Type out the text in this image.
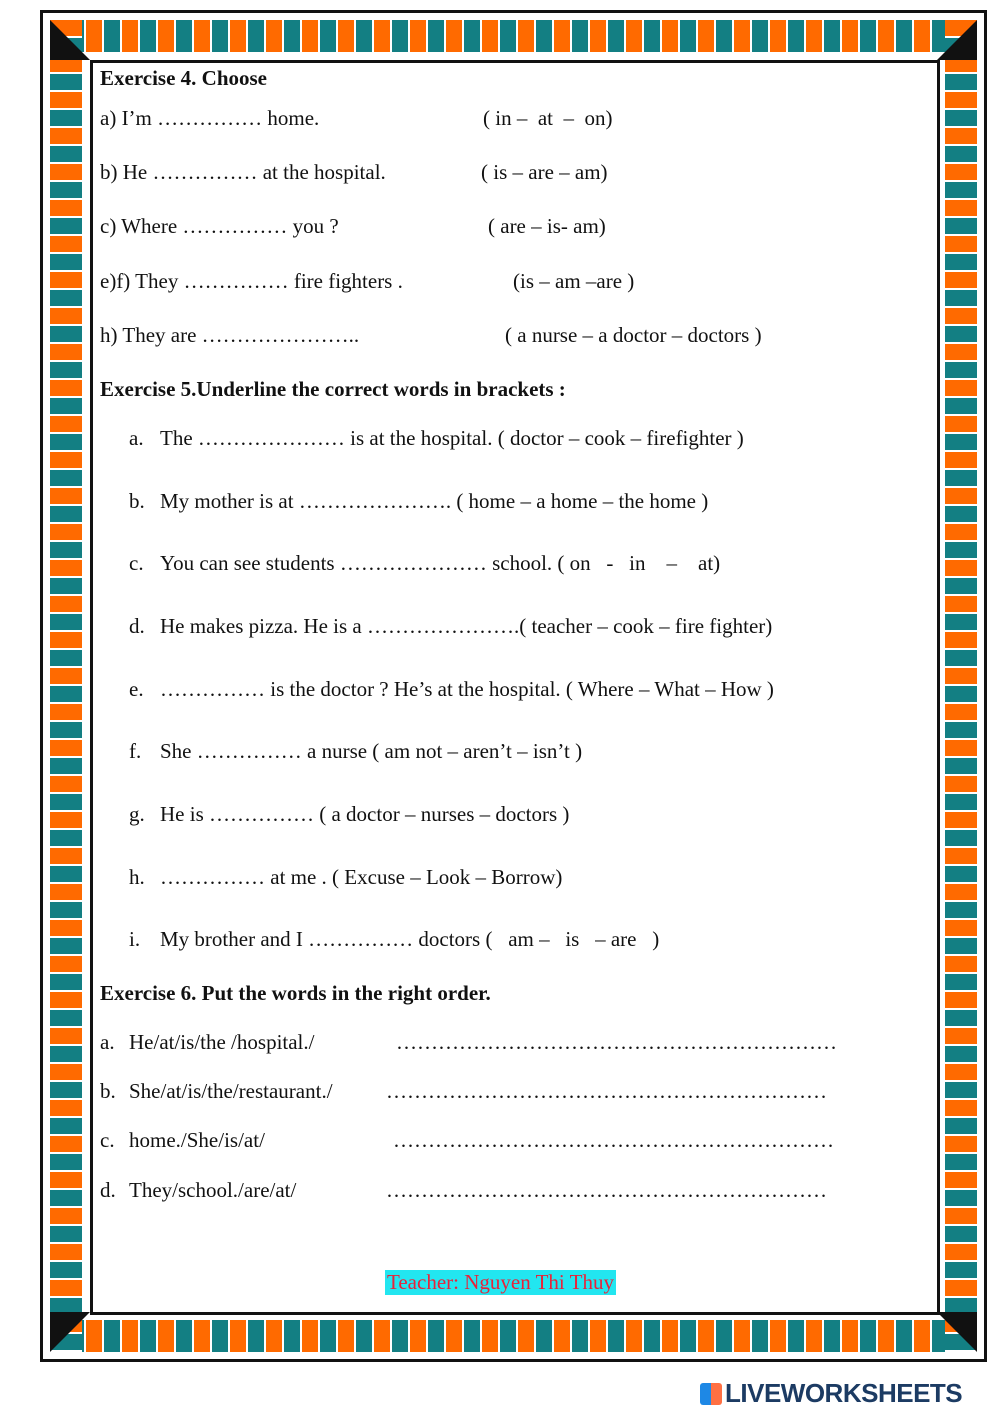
Exercise 4. Choose
a) I’m …………… home.	( in –  at  –  on)
b) He …………… at the hospital.	( is – are – am)
c) Where …………… you ?	( are – is- am)
e)f) They …………… fire fighters .	(is – am –are )
h) They are …………………..	( a nurse – a doctor – doctors )
Exercise 5.Underline the correct words in brackets :
a. The ………………… is at the hospital. ( doctor – cook – firefighter )
b. My mother is at …………………. ( home – a home – the home )
c. You can see students ………………… school. ( on   -   in    –    at)
d. He makes pizza. He is a ………………….( teacher – cook – fire fighter)
e. …………… is the doctor ? He’s at the hospital. ( Where – What – How )
f. She …………… a nurse ( am not – aren’t – isn’t )
g. He is …………… ( a doctor – nurses – doctors )
h. …………… at me . ( Excuse – Look – Borrow)
i. My brother and I …………… doctors (   am –   is   – are   )
Exercise 6. Put the words in the right order.
a. He/at/is/the /hospital./	………………………………………………………
b. She/at/is/the/restaurant./	………………………………………………………
c. home./She/is/at/	………………………………………………………
d. They/school./are/at/	………………………………………………………
Teacher: Nguyen Thi Thuy
LIVEWORKSHEETS
